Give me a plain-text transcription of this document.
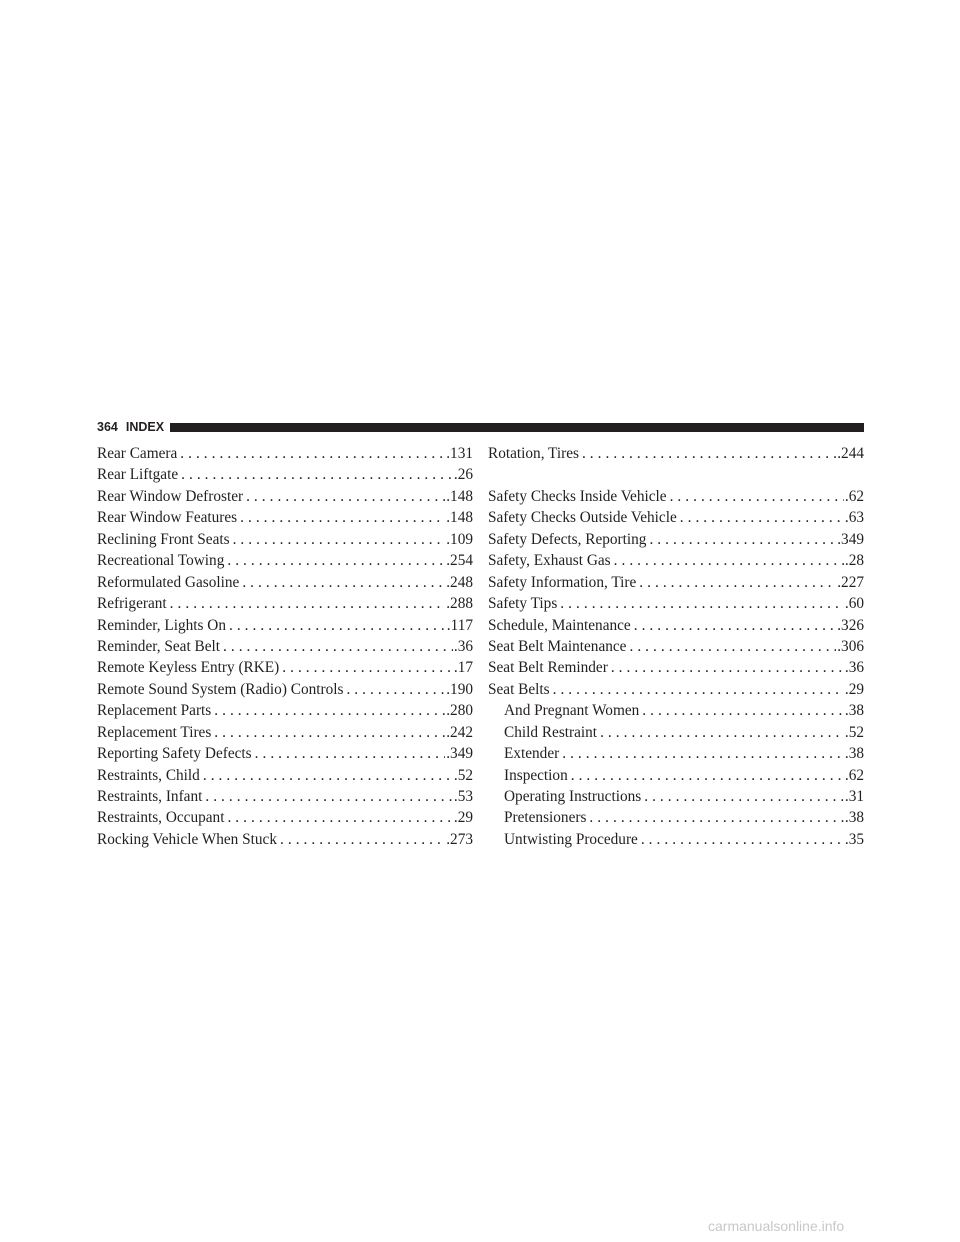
364 INDEX
Rear Camera . . .	.131
Rear Liftgate . . .	.26
Rear Window Defroster . . .	.148
Rear Window Features . . .	.148
Reclining Front Seats . . .	.109
Recreational Towing . . .	.254
Reformulated Gasoline . . .	.248
Refrigerant . . .	.288
Reminder, Lights On . . .	.117
Reminder, Seat Belt . . .	.36
Remote Keyless Entry (RKE) . . .	.17
Remote Sound System (Radio) Controls . . .	.190
Replacement Parts . . .	.280
Replacement Tires . . .	.242
Reporting Safety Defects . . .	.349
Restraints, Child . . .	.52
Restraints, Infant . . .	.53
Restraints, Occupant . . .	.29
Rocking Vehicle When Stuck . . .	.273
Rotation, Tires . . .	.244
Safety Checks Inside Vehicle . . .	.62
Safety Checks Outside Vehicle . . .	.63
Safety Defects, Reporting . . .	.349
Safety, Exhaust Gas . . .	.28
Safety Information, Tire . . .	.227
Safety Tips . . .	.60
Schedule, Maintenance . . .	.326
Seat Belt Maintenance . . .	.306
Seat Belt Reminder . . .	.36
Seat Belts . . .	.29
And Pregnant Women . . .	.38
Child Restraint . . .	.52
Extender . . .	.38
Inspection . . .	.62
Operating Instructions . . .	.31
Pretensioners . . .	.38
Untwisting Procedure . . .	.35
carmanualsonline.info
